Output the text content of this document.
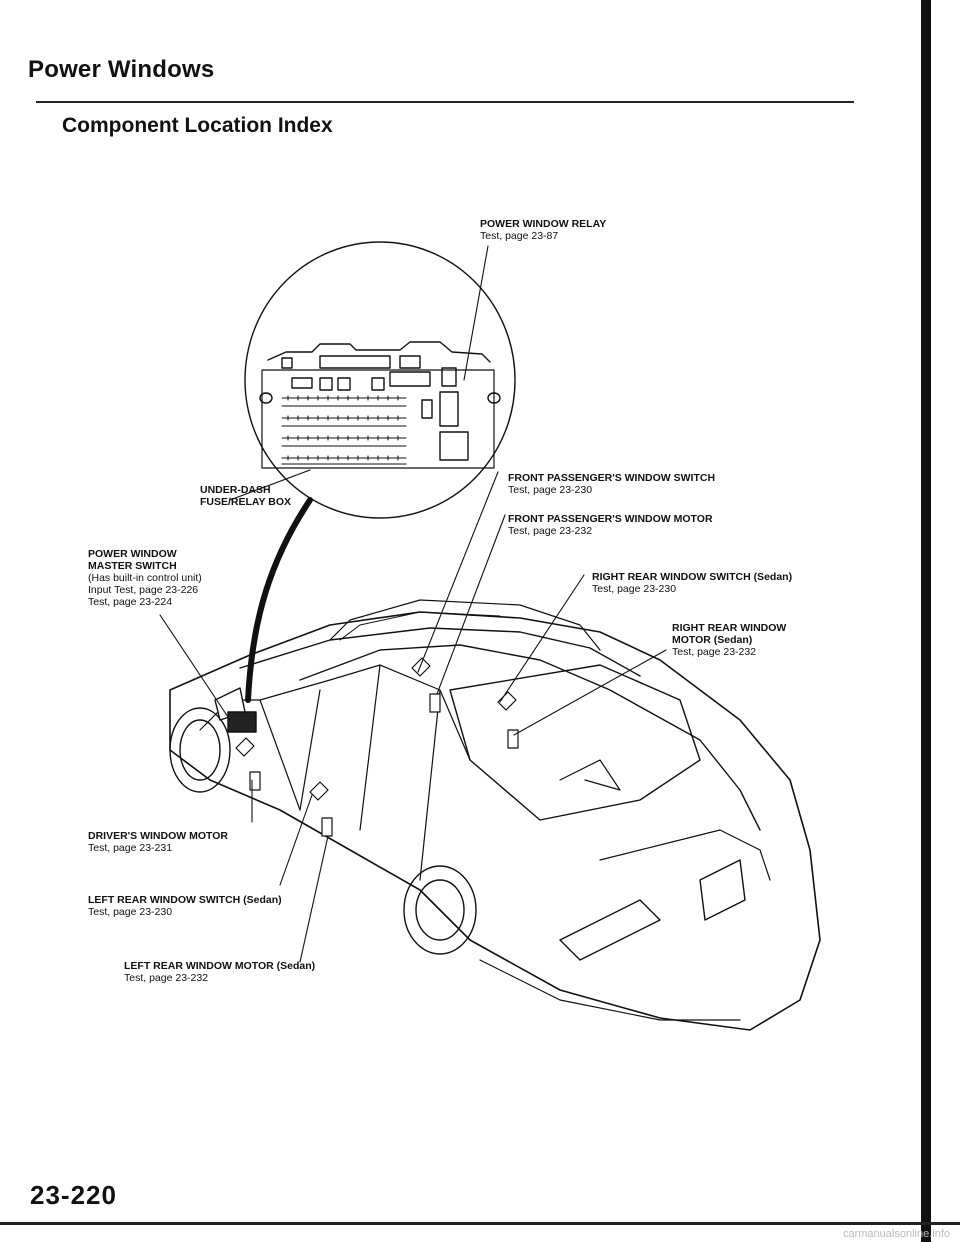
Power Windows
Component Location Index
POWER WINDOW RELAY
Test, page 23-87
FRONT PASSENGER'S WINDOW SWITCH
Test, page 23-230
UNDER-DASH FUSE/RELAY BOX
FRONT PASSENGER'S WINDOW MOTOR
Test, page 23-232
POWER WINDOW MASTER SWITCH
(Has built-in control unit)
Input Test, page 23-226
Test, page 23-224
RIGHT REAR WINDOW SWITCH (Sedan)
Test, page 23-230
RIGHT REAR WINDOW MOTOR (Sedan)
Test, page 23-232
DRIVER'S WINDOW MOTOR
Test, page 23-231
LEFT REAR WINDOW SWITCH (Sedan)
Test, page 23-230
LEFT REAR WINDOW MOTOR (Sedan)
Test, page 23-232
23-220
carmanualsonline.info
